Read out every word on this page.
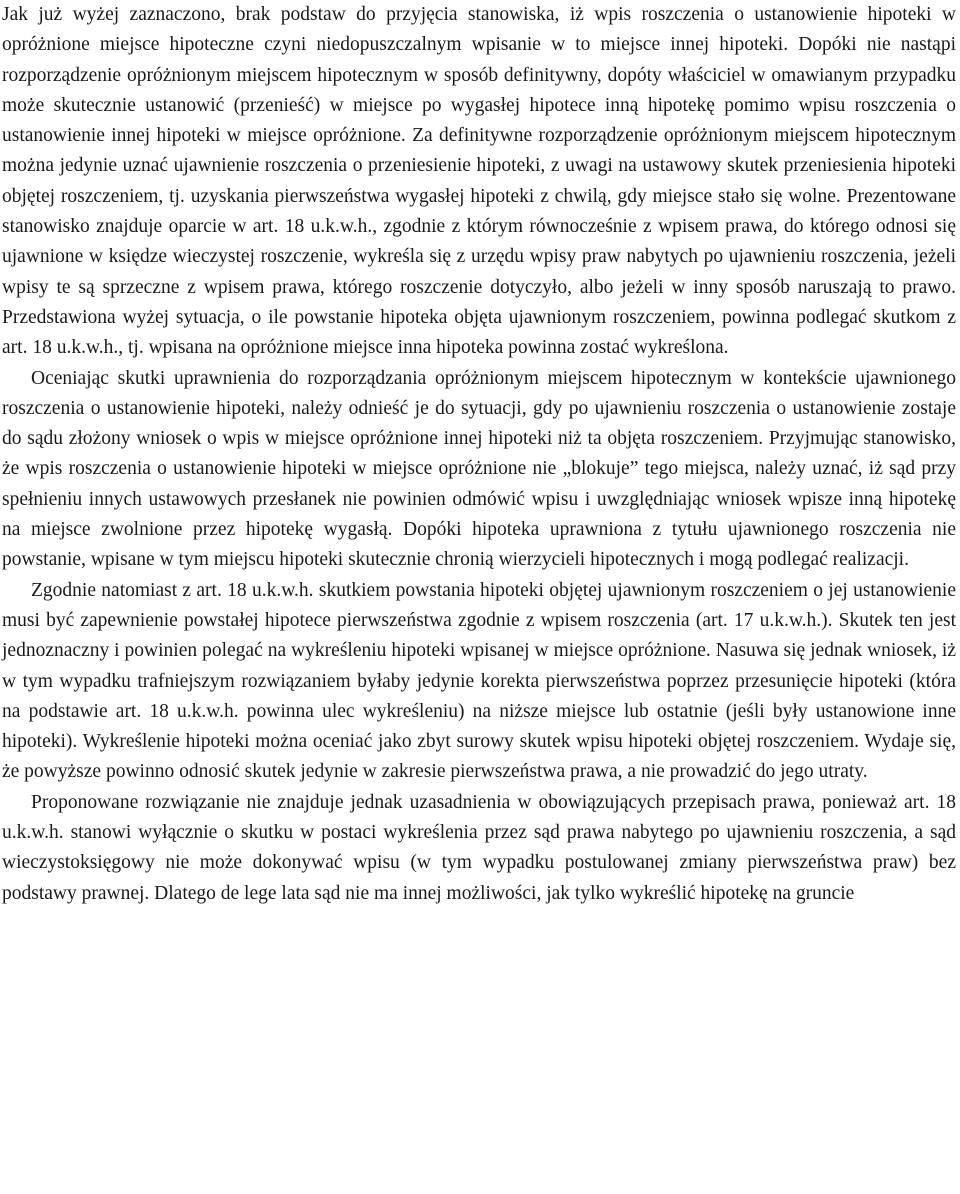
Jak już wyżej zaznaczono, brak podstaw do przyjęcia stanowiska, iż wpis roszczenia o ustanowienie hipoteki w opróżnione miejsce hipoteczne czyni niedopuszczalnym wpisanie w to miejsce innej hipoteki. Dopóki nie nastąpi rozporządzenie opróżnionym miejscem hipotecznym w sposób definitywny, dopóty właściciel w omawianym przypadku może skutecznie ustanowić (przenieść) w miejsce po wygasłej hipotece inną hipotekę pomimo wpisu roszczenia o ustanowienie innej hipoteki w miejsce opróżnione. Za definitywne rozporządzenie opróżnionym miejscem hipotecznym można jedynie uznać ujawnienie roszczenia o przeniesienie hipoteki, z uwagi na ustawowy skutek przeniesienia hipoteki objętej roszczeniem, tj. uzyskania pierwszeństwa wygasłej hipoteki z chwilą, gdy miejsce stało się wolne. Prezentowane stanowisko znajduje oparcie w art. 18 u.k.w.h., zgodnie z którym równocześnie z wpisem prawa, do którego odnosi się ujawnione w księdze wieczystej roszczenie, wykreśla się z urzędu wpisy praw nabytych po ujawnieniu roszczenia, jeżeli wpisy te są sprzeczne z wpisem prawa, którego roszczenie dotyczyło, albo jeżeli w inny sposób naruszają to prawo. Przedstawiona wyżej sytuacja, o ile powstanie hipoteka objęta ujawnionym roszczeniem, powinna podlegać skutkom z art. 18 u.k.w.h., tj. wpisana na opróżnione miejsce inna hipoteka powinna zostać wykreślona.

Oceniając skutki uprawnienia do rozporządzania opróżnionym miejscem hipotecznym w kontekście ujawnionego roszczenia o ustanowienie hipoteki, należy odnieść je do sytuacji, gdy po ujawnieniu roszczenia o ustanowienie zostaje do sądu złożony wniosek o wpis w miejsce opróżnione innej hipoteki niż ta objęta roszczeniem. Przyjmując stanowisko, że wpis roszczenia o ustanowienie hipoteki w miejsce opróżnione nie „blokuje” tego miejsca, należy uznać, iż sąd przy spełnieniu innych ustawowych przesłanek nie powinien odmówić wpisu i uwzględniając wniosek wpisze inną hipotekę na miejsce zwolnione przez hipotekę wygasłą. Dopóki hipoteka uprawniona z tytułu ujawnionego roszczenia nie powstanie, wpisane w tym miejscu hipoteki skutecznie chronią wierzycieli hipotecznych i mogą podlegać realizacji.

Zgodnie natomiast z art. 18 u.k.w.h. skutkiem powstania hipoteki objętej ujawnionym roszczeniem o jej ustanowienie musi być zapewnienie powstałej hipotece pierwszeństwa zgodnie z wpisem roszczenia (art. 17 u.k.w.h.). Skutek ten jest jednoznaczny i powinien polegać na wykreśleniu hipoteki wpisanej w miejsce opróżnione. Nasuwa się jednak wniosek, iż w tym wypadku trafniejszym rozwiązaniem byłaby jedynie korekta pierwszeństwa poprzez przesunięcie hipoteki (która na podstawie art. 18 u.k.w.h. powinna ulec wykreśleniu) na niższe miejsce lub ostatnie (jeśli były ustanowione inne hipoteki). Wykreślenie hipoteki można oceniać jako zbyt surowy skutek wpisu hipoteki objętej roszczeniem. Wydaje się, że powyższe powinno odnosić skutek jedynie w zakresie pierwszeństwa prawa, a nie prowadzić do jego utraty.

Proponowane rozwiązanie nie znajduje jednak uzasadnienia w obowiązujących przepisach prawa, ponieważ art. 18 u.k.w.h. stanowi wyłącznie o skutku w postaci wykreślenia przez sąd prawa nabytego po ujawnieniu roszczenia, a sąd wieczystoksięgowy nie może dokonywać wpisu (w tym wypadku postulowanej zmiany pierwszeństwa praw) bez podstawy prawnej. Dlatego de lege lata sąd nie ma innej możliwości, jak tylko wykreślić hipotekę na gruncie
